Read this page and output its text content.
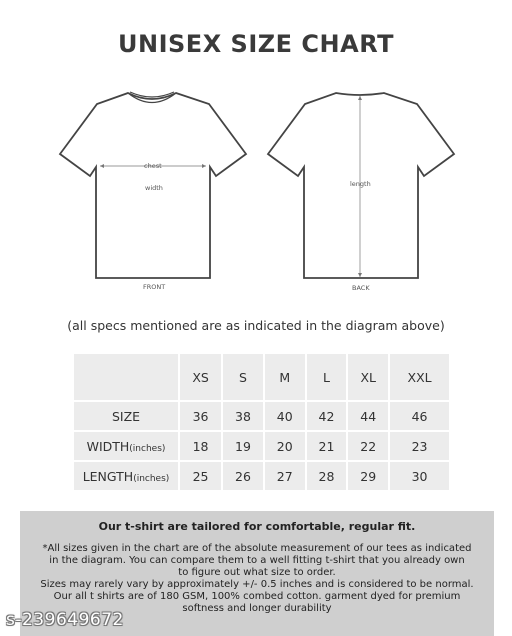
UNISEX SIZE CHART
chest
width
FRONT
length
BACK
(all specs mentioned are as indicated in the diagram above)
	XS	S	M	L	XL	XXL
SIZE	36	38	40	42	44	46
WIDTH(inches)	18	19	20	21	22	23
LENGTH(inches)	25	26	27	28	29	30
Our t-shirt are tailored for comfortable, regular fit.
*All sizes given in the chart are of the absolute measurement of our tees as indicated
in the diagram. You can compare them to a well fitting t-shirt that you already own
to figure out what size to order.
Sizes may rarely vary by approximately +/- 0.5 inches and is considered to be normal.
Our all t shirts are of 180 GSM, 100% combed cotton. garment dyed for premium
softness and longer durability
s-239649672
